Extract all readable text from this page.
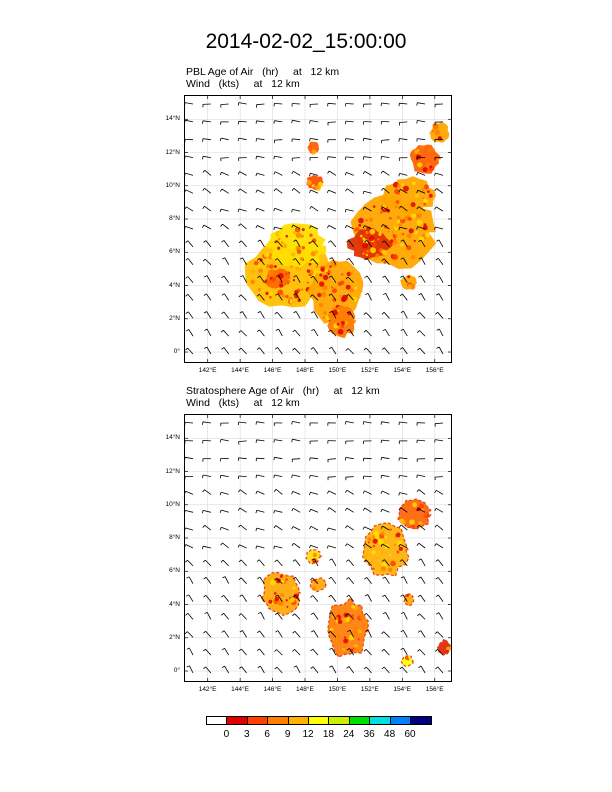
2014-02-02_15:00:00
PBL Age of Air   (hr)     at   12 km
Wind   (kts)     at   12 km
Stratosphere Age of Air   (hr)     at   12 km
Wind   (kts)     at   12 km
142°E 144°E 146°E 148°E 150°E 152°E 154°E 156°E
0°
2°N
4°N
6°N
8°N
10°N
12°N
14°N
142°E 144°E 146°E 148°E 150°E 152°E 154°E 156°E
0°
2°N
4°N
6°N
8°N
10°N
12°N
14°N
0	3	6	9	12 18 24 36 48 60
